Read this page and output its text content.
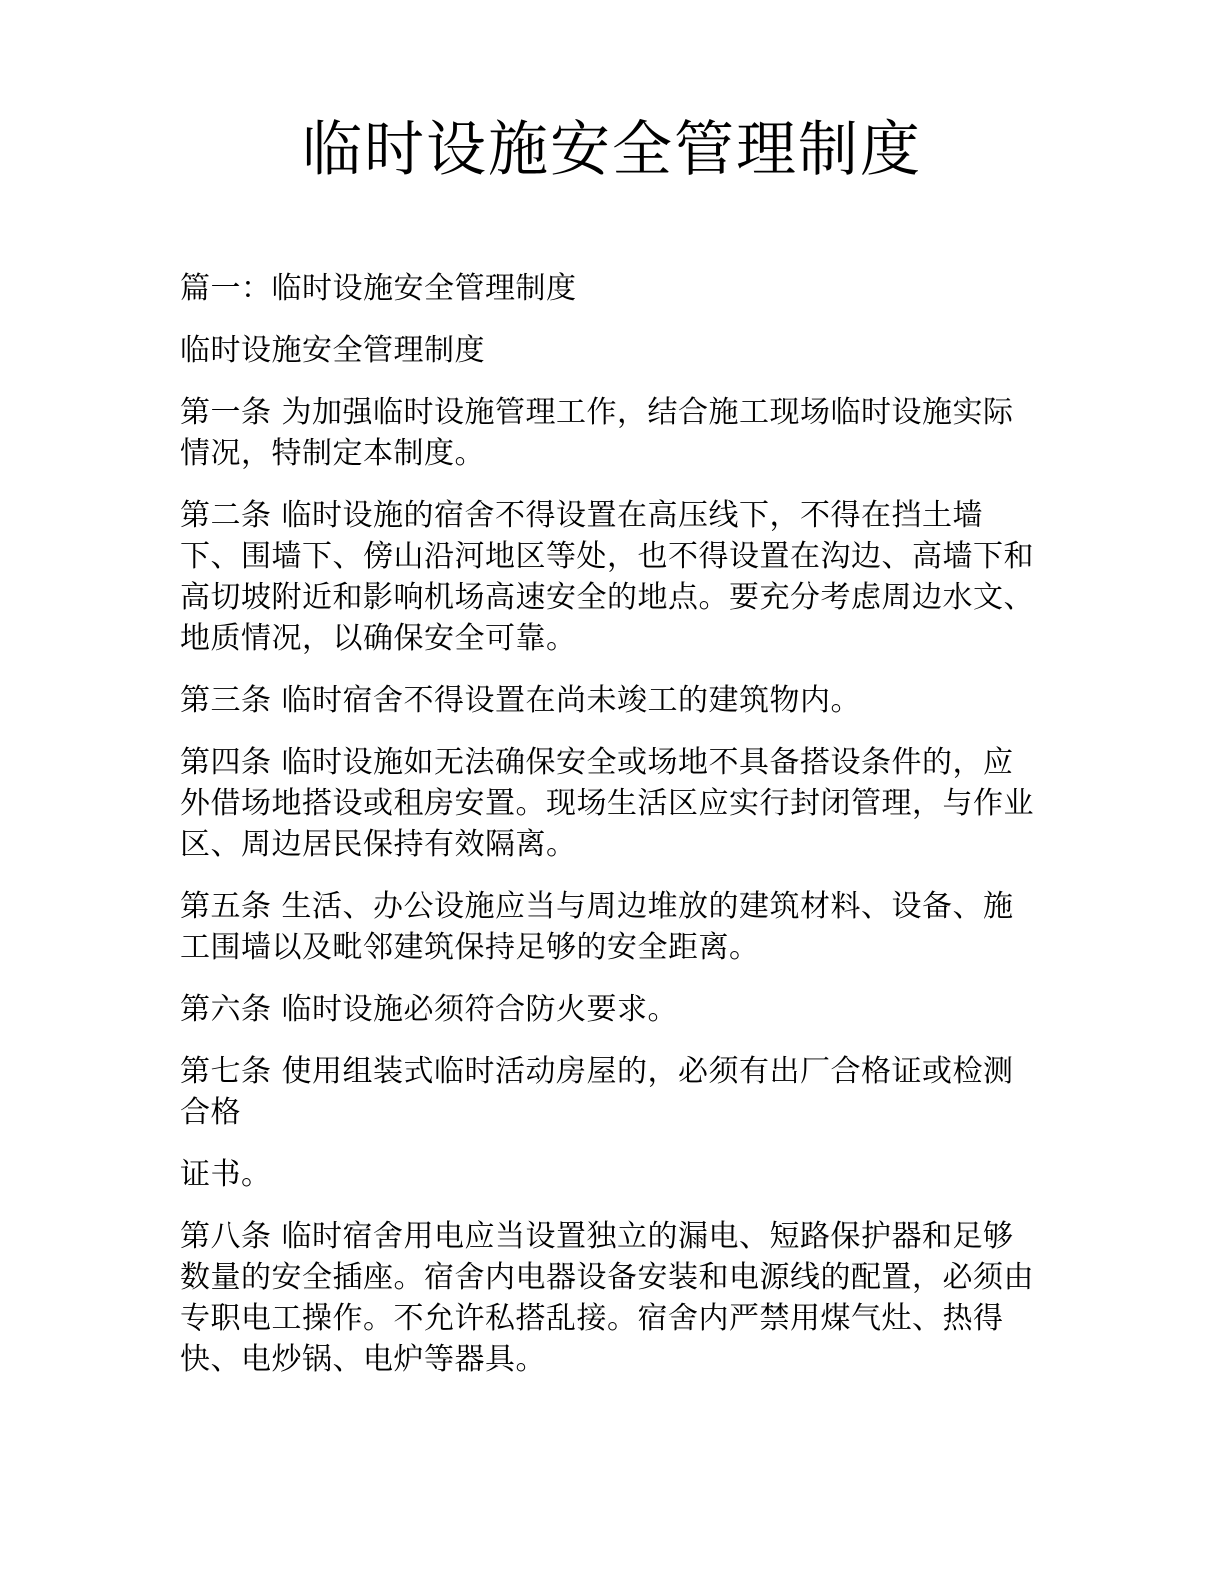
临时设施安全管理制度

篇一：临时设施安全管理制度

临时设施安全管理制度

第一条 为加强临时设施管理工作，结合施工现场临时设施实际情况，特制定本制度。

第二条 临时设施的宿舍不得设置在高压线下，不得在挡土墙下、围墙下、傍山沿河地区等处，也不得设置在沟边、高墙下和高切坡附近和影响机场高速安全的地点。要充分考虑周边水文、地质情况，以确保安全可靠。

第三条 临时宿舍不得设置在尚未竣工的建筑物内。

第四条 临时设施如无法确保安全或场地不具备搭设条件的，应外借场地搭设或租房安置。现场生活区应实行封闭管理，与作业区、周边居民保持有效隔离。

第五条 生活、办公设施应当与周边堆放的建筑材料、设备、施工围墙以及毗邻建筑保持足够的安全距离。

第六条 临时设施必须符合防火要求。

第七条 使用组装式临时活动房屋的，必须有出厂合格证或检测合格

证书。

第八条 临时宿舍用电应当设置独立的漏电、短路保护器和足够数量的安全插座。宿舍内电器设备安装和电源线的配置，必须由专职电工操作。不允许私搭乱接。宿舍内严禁用煤气灶、热得快、电炒锅、电炉等器具。
